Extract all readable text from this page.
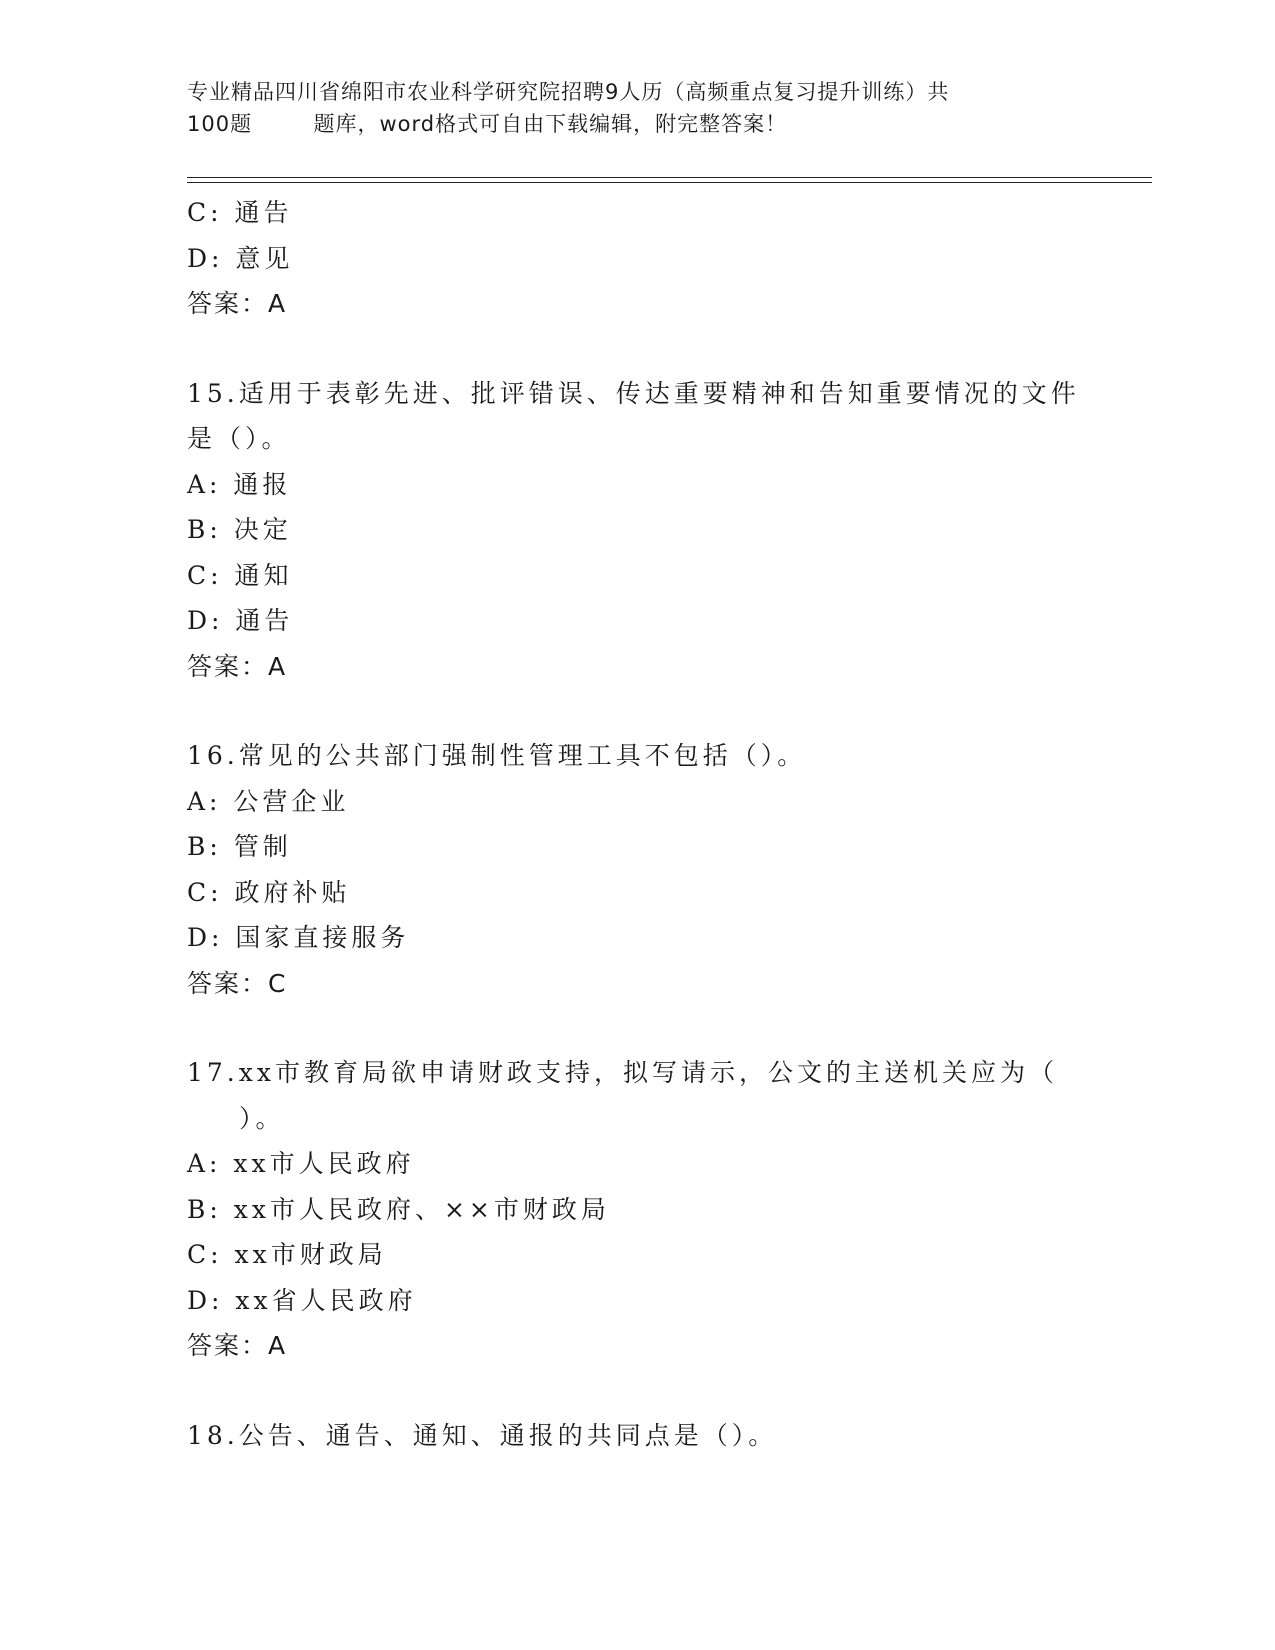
专业精品四川省绵阳市农业科学研究院招聘9人历（高频重点复习提升训练）共
100题        题库，word格式可自由下载编辑，附完整答案！
C: 通告
D: 意见
答案：A
15.适用于表彰先进、批评错误、传达重要精神和告知重要情况的文件
是（）。
A: 通报
B: 决定
C: 通知
D: 通告
答案：A
16.常见的公共部门强制性管理工具不包括（）。
A: 公营企业
B: 管制
C: 政府补贴
D: 国家直接服务
答案：C
17.xx市教育局欲申请财政支持，拟写请示，公文的主送机关应为（
）。
A: xx市人民政府
B: xx市人民政府、××市财政局
C: xx市财政局
D: xx省人民政府
答案：A
18.公告、通告、通知、通报的共同点是（）。
